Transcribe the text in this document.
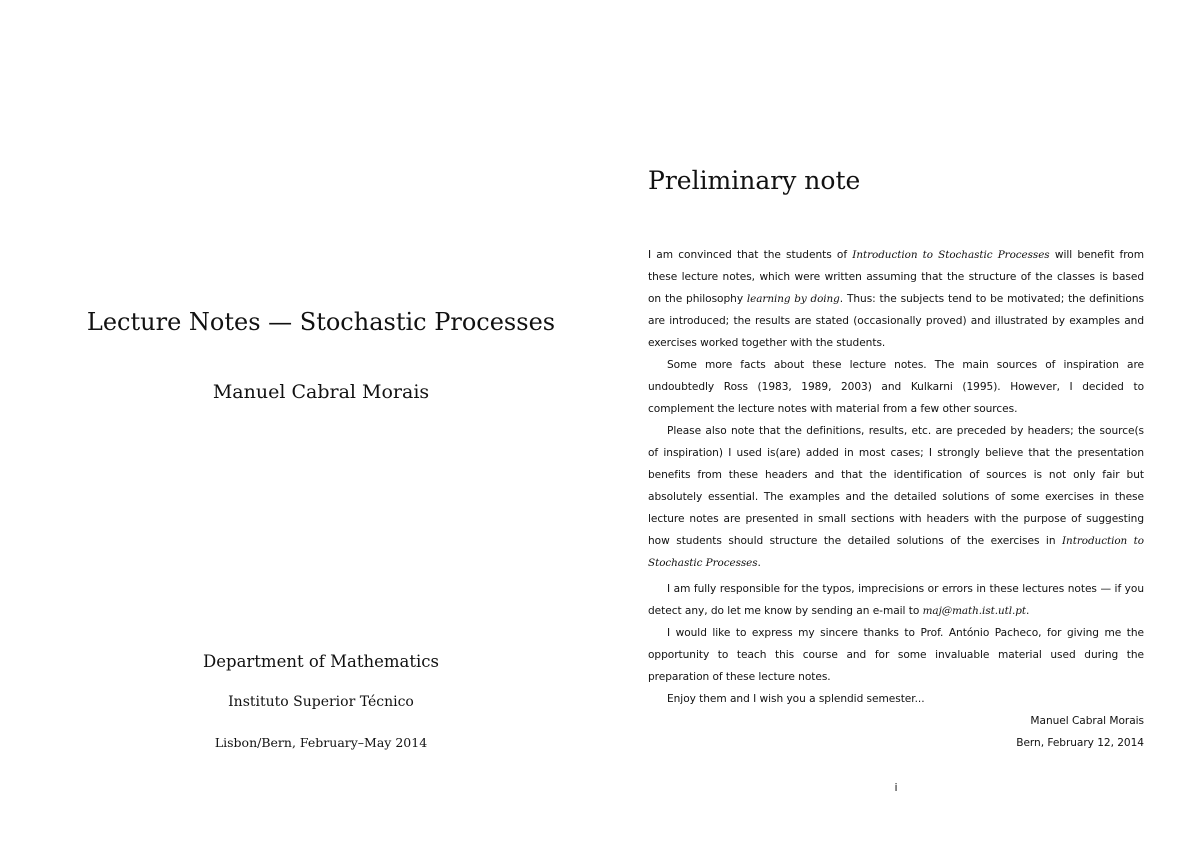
Lecture Notes — Stochastic Processes
Manuel Cabral Morais
Department of Mathematics
Instituto Superior Técnico
Lisbon/Bern, February–May 2014
Preliminary note

I am convinced that the students of Introduction to Stochastic Processes will benefit from these lecture notes, which were written assuming that the structure of the classes is based on the philosophy learning by doing. Thus: the subjects tend to be motivated; the definitions are introduced; the results are stated (occasionally proved) and illustrated by examples and exercises worked together with the students.

Some more facts about these lecture notes. The main sources of inspiration are undoubtedly Ross (1983, 1989, 2003) and Kulkarni (1995). However, I decided to complement the lecture notes with material from a few other sources.

Please also note that the definitions, results, etc. are preceded by headers; the source(s of inspiration) I used is(are) added in most cases; I strongly believe that the presentation benefits from these headers and that the identification of sources is not only fair but absolutely essential. The examples and the detailed solutions of some exercises in these lecture notes are presented in small sections with headers with the purpose of suggesting how students should structure the detailed solutions of the exercises in Introduction to Stochastic Processes.

I am fully responsible for the typos, imprecisions or errors in these lectures notes — if you detect any, do let me know by sending an e-mail to maj@math.ist.utl.pt.

I would like to express my sincere thanks to Prof. António Pacheco, for giving me the opportunity to teach this course and for some invaluable material used during the preparation of these lecture notes.

Enjoy them and I wish you a splendid semester...

Manuel Cabral Morais
Bern, February 12, 2014

i
